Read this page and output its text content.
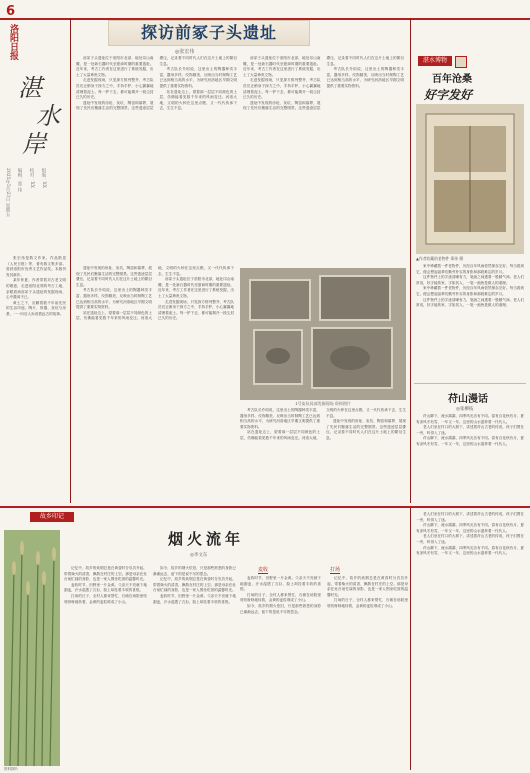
6
洛阳日报
湛
水
岸
2025年5月23日 星期五 编辑：郑 伟 校对：XX 组版：XX

张宏伟是散文作家。作品散见《人民日报》等，著有散文集多部。曾获洛阳市优秀文艺作品奖。本版刊发其新作。

某年仲夏，作者带着对古老文明的敬意，走进洛阳北郊的考古工地，亲眼看到前冢子头遗址的发掘现场，心中激荡不已。

黄土之下，沉睡着数千年前先民的生活印迹。陶片、骨器、灰坑与房基，一一向后人诉说着远古的故事。

探访前冢子头遗址
◎张宏伟

前冢子头遗址位于洛阳市北部，地处邙山南麓，是一处新石器时代至夏商时期的重要遗址。近年来，考古工作者在这里进行了系统发掘，出土了大量珍贵文物。

走进发掘现场，只见探方排列整齐，考古队员们正俯身于探方之中，手持手铲，小心翼翼地清理着泥土。每一铲下去，都可能揭开一段尘封已久的历史。

遗址中发现的房址、灰坑、陶窑和墓葬，展现了先民们聚落生活的完整图景。这些遗迹层层叠压，记录着不同时代人们在这片土地上的繁衍生息。

考古队长介绍说，这里出土的陶器种类丰富，器形多样，纹饰精美，反映出当时制陶工艺已达到相当高的水平，为研究河洛地区早期文明提供了重要实物资料。

站在遗址边上，望着那一层层不同颜色的土层，仿佛能看见数千年来的风雨变迁。河洛大地，文明的火种在这里点燃，又一代代传承下去，生生不息。

前冢子头遗址位于洛阳市北部，地处邙山南麓，是一处新石器时代至夏商时期的重要遗址。近年来，考古工作者在这里进行了系统发掘，出土了大量珍贵文物。

走进发掘现场，只见探方排列整齐，考古队员们正俯身于探方之中，手持手铲，小心翼翼地清理着泥土。每一铲下去，都可能揭开一段尘封已久的历史。

遗址中发现的房址、灰坑、陶窑和墓葬，展现了先民们聚落生活的完整图景。这些遗迹层层叠压，记录着不同时代人们在这片土地上的繁衍生息。

考古队长介绍说，这里出土的陶器种类丰富，器形多样，纹饰精美，反映出当时制陶工艺已达到相当高的水平，为研究河洛地区早期文明提供了重要实物资料。

遗址中发现的房址、灰坑、陶窑和墓葬，展现了先民们聚落生活的完整图景。这些遗迹层层叠压，记录着不同时代人们在这片土地上的繁衍生息。

考古队长介绍说，这里出土的陶器种类丰富，器形多样，纹饰精美，反映出当时制陶工艺已达到相当高的水平，为研究河洛地区早期文明提供了重要实物资料。

站在遗址边上，望着那一层层不同颜色的土层，仿佛能看见数千年来的风雨变迁。河洛大地，文明的火种在这里点燃，又一代代传承下去，生生不息。

前冢子头遗址位于洛阳市北部，地处邙山南麓，是一处新石器时代至夏商时期的重要遗址。近年来，考古工作者在这里进行了系统发掘，出土了大量珍贵文物。

走进发掘现场，只见探方排列整齐，考古队员们正俯身于探方之中，手持手铲，小心翼翼地清理着泥土。每一铲下去，都可能揭开一段尘封已久的历史。

1号灰坑局部发掘现场 资料图片

考古队长介绍说，这里出土的陶器种类丰富，器形多样，纹饰精美，反映出当时制陶工艺已达到相当高的水平，为研究河洛地区早期文明提供了重要实物资料。

站在遗址边上，望着那一层层不同颜色的土层，仿佛能看见数千年来的风雨变迁。河洛大地，文明的火种在这里点燃，又一代代传承下去，生生不息。

遗址中发现的房址、灰坑、陶窑和墓葬，展现了先民们聚落生活的完整图景。这些遗迹层层叠压，记录着不同时代人们在这片土地上的繁衍生息。

湛水博物
百年沧桑
好字发好
▲作者收藏的老物件 郑伟 摄

家中珍藏着一件老物件，历经百年风雨依然保存完好。每当看到它，便会想起祖辈们勤劳朴实的身影和那段难忘的岁月。

这件物件上的字迹清晰有力，笔画之间透着一股精气神。老人们常说，好字能传家，字如其人，一笔一画皆是做人的道理。

家中珍藏着一件老物件，历经百年风雨依然保存完好。每当看到它，便会想起祖辈们勤劳朴实的身影和那段难忘的岁月。

这件物件上的字迹清晰有力，笔画之间透着一股精气神。老人们常说，好字能传家，字如其人，一笔一画皆是做人的道理。

苻山漫话
◎张柳枝

苻山脚下，流水潺潺，四季风光各有不同。春有百花秋有月，夏有凉风冬有雪，一年又一年，这里的山水滋养着一代代人。

老人们坐在村口的大树下，讲述着苻山古老的传说，孩子们围在一旁，听得入了迷。

苻山脚下，流水潺潺，四季风光各有不同。春有百花秋有月，夏有凉风冬有雪，一年又一年，这里的山水滋养着一代代人。

故乡印记
烟火流年
◎李文东

记忆中，故乡的炊烟总是在黄昏时分袅袅升起，带着柴火的清香，飘散在村庄的上空。那是母亲在灶台前忙碌的身影，也是一家人围坐吃饭的温馨时光。

麦收时节，田野里一片金黄。父亲天不亮就下地割麦，汗水湿透了衣衫，脸上却挂着丰收的喜悦。

打场的日子，全村人都来帮忙，石磙在场院里吱吱呀呀地转着，金黄的麦粒堆成了小山。

如今，故乡的烟火依旧，只是那些熟悉的身影已渐渐远去，留下的是说不尽的思念。

记忆中，故乡的炊烟总是在黄昏时分袅袅升起，带着柴火的清香，飘散在村庄的上空。那是母亲在灶台前忙碌的身影，也是一家人围坐吃饭的温馨时光。

麦收时节，田野里一片金黄。父亲天不亮就下地割麦，汗水湿透了衣衫，脸上却挂着丰收的喜悦。

麦收	打场

麦收时节，田野里一片金黄。父亲天不亮就下地割麦，汗水湿透了衣衫，脸上却挂着丰收的喜悦。

打场的日子，全村人都来帮忙，石磙在场院里吱吱呀呀地转着，金黄的麦粒堆成了小山。

如今，故乡的烟火依旧，只是那些熟悉的身影已渐渐远去，留下的是说不尽的思念。

记忆中，故乡的炊烟总是在黄昏时分袅袅升起，带着柴火的清香，飘散在村庄的上空。那是母亲在灶台前忙碌的身影，也是一家人围坐吃饭的温馨时光。

打场的日子，全村人都来帮忙，石磙在场院里吱吱呀呀地转着，金黄的麦粒堆成了小山。

资料图片

老人们坐在村口的大树下，讲述着苻山古老的传说，孩子们围在一旁，听得入了迷。

苻山脚下，流水潺潺，四季风光各有不同。春有百花秋有月，夏有凉风冬有雪，一年又一年，这里的山水滋养着一代代人。

老人们坐在村口的大树下，讲述着苻山古老的传说，孩子们围在一旁，听得入了迷。

苻山脚下，流水潺潺，四季风光各有不同。春有百花秋有月，夏有凉风冬有雪，一年又一年，这里的山水滋养着一代代人。
